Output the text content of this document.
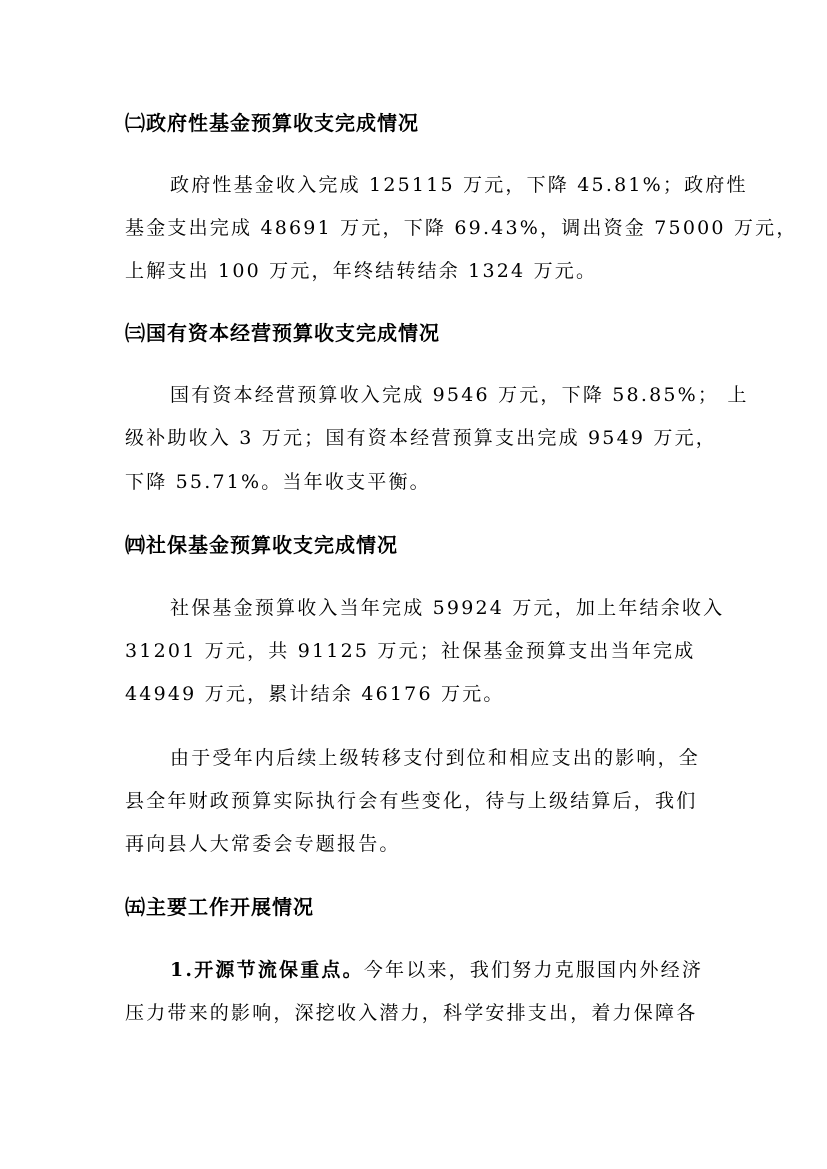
㈡政府性基金预算收支完成情况
政府性基金收入完成 125115 万元，下降 45.81%；政府性
基金支出完成 48691 万元，下降 69.43%，调出资金 75000 万元，
上解支出 100 万元，年终结转结余 1324 万元。
㈢国有资本经营预算收支完成情况
国有资本经营预算收入完成 9546 万元，下降 58.85%； 上
级补助收入 3 万元；国有资本经营预算支出完成 9549 万元，
下降 55.71%。当年收支平衡。
㈣社保基金预算收支完成情况
社保基金预算收入当年完成 59924 万元，加上年结余收入
31201 万元，共 91125 万元；社保基金预算支出当年完成
44949 万元，累计结余 46176 万元。
由于受年内后续上级转移支付到位和相应支出的影响，全
县全年财政预算实际执行会有些变化，待与上级结算后，我们
再向县人大常委会专题报告。
㈤主要工作开展情况
1.开源节流保重点。今年以来，我们努力克服国内外经济
压力带来的影响，深挖收入潜力，科学安排支出，着力保障各
